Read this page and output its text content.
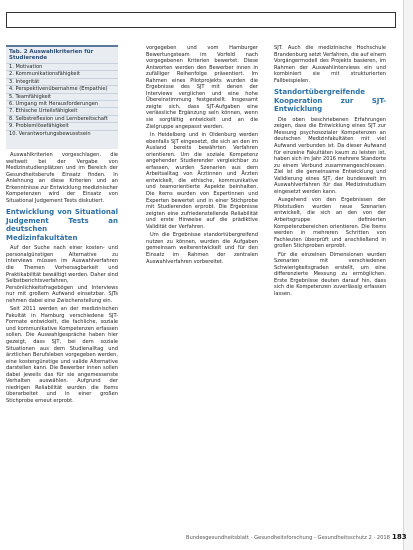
Tab. 2 Auswahlkriterien für Studierende
1. Motivation
2. Kommunikationsfähigkeit
3. Integrität
4. Perspektivenübernahme (Empathie)
5. Teamfähigkeit
6. Umgang mit Herausforderungen
7. Ethische Urteilsfähigkeit
8. Selbstreflexion und Lernbereitschaft
9. Problemlösefähigkeit
10. Verantwortungsbewusstsein

Auswahlkriterien vorgeschlagen, die weltweit bei der Vergabe von Medizinstudienplätzen und im Bereich der Gesundheitsberufe Einsatz finden. In Anlehnung an diese Kriterien und an Erkenntnisse zur Entwicklung medizinischer Kompetenzen wird der Einsatz von Situational Judgement Tests diskutiert.

Entwicklung von Situational Judgement Tests an deutschen Medizinfakultäten

Auf der Suche nach einer kosten- und personalgünstigen Alternative zu Interviews müssen im Auswahlverfahren die Themen Vorhersagbarkeit und Praktikabilität bewältigt werden. Daher sind Selbstberichtsverfahren, Persönlichkeitsfragebögen und Interviews nur mit großem Aufwand einsetzbar. SJTs nehmen dabei eine Zwischenstellung ein.

Seit 2011 werden an der medizinischen Fakultät in Hamburg verschiedene SJT-Formate entwickelt, die fachliche, soziale und kommunikative Kompetenzen erfassen sollen. Die Auswahlgespräche haben hier gezeigt, dass SJT, bei dem soziale Situationen aus dem Studienalltag und ärztlichen Berufsleben vorgegeben werden, eine kostengünstige und valide Alternative darstellen kann. Die Bewerber innen sollen dabei jeweils das für sie angemessenste Verhalten auswählen. Aufgrund der niedrigen Reliabilität wurden die Items überarbeitet und in einer großen Stichprobe erneut erprobt.

vorgegeben und vom Hamburger Bewertungsteam im Vorfeld nach vorgegebenen Kriterien bewertet. Diese Antworten werden den Bewerber innen in zufälliger Reihenfolge präsentiert. Im Rahmen eines Pilotprojekts wurden die Ergebnisse des SJT mit denen der Interviews verglichen und eine hohe Übereinstimmung festgestellt. Insgesamt zeigte sich, dass SJT-Aufgaben eine verlässliche Ergänzung sein können, wenn sie sorgfältig entwickelt und an die Zielgruppe angepasst werden.

In Heidelberg und in Oldenburg werden ebenfalls SJT eingesetzt, die sich an den im Ausland bereits bewährten Verfahren orientieren. Um die soziale Kompetenz angehender Studierender vergleichbar zu erfassen, wurden Szenarien aus dem Arbeitsalltag von Ärztinnen und Ärzten entwickelt, die ethische, kommunikative und teamorientierte Aspekte beinhalten. Die Items wurden von Expertinnen und Experten bewertet und in einer Stichprobe mit Studierenden erprobt. Die Ergebnisse zeigten eine zufriedenstellende Reliabilität und erste Hinweise auf die prädiktive Validität der Verfahren.

Um die Ergebnisse standortübergreifend nutzen zu können, wurden die Aufgaben gemeinsam weiterentwickelt und für den Einsatz im Rahmen der zentralen Auswahlverfahren vorbereitet.

SJT. Auch die medizinische Hochschule Brandenburg setzt Verfahren, die auf einem Vorgängermodell des Projekts basieren, im Rahmen der Auswahlinterviews ein und kombiniert sie mit strukturierten Fallbeispielen.

Standortübergreifende Kooperation zur SJT-Entwicklung

Die oben beschriebenen Erfahrungen zeigen, dass die Entwicklung eines SJT zur Messung psychosozialer Kompetenzen an deutschen Medizinfakultäten mit viel Aufwand verbunden ist. Da dieser Aufwand für einzelne Fakultäten kaum zu leisten ist, haben sich im Jahr 2016 mehrere Standorte zu einem Verbund zusammengeschlossen. Ziel ist die gemeinsame Entwicklung und Validierung eines SJT, der bundesweit im Auswahlverfahren für das Medizinstudium eingesetzt werden kann.

Ausgehend von den Ergebnissen der Pilotstudien wurden neue Szenarien entwickelt, die sich an den von der Arbeitsgruppe definierten Kompetenzbereichen orientieren. Die Items werden in mehreren Schritten von Fachleuten überprüft und anschließend in großen Stichproben erprobt.

Für die einzelnen Dimensionen wurden Szenarien mit verschiedenen Schwierigkeitsgraden erstellt, um eine differenzierte Messung zu ermöglichen. Erste Ergebnisse deuten darauf hin, dass sich die Kompetenzen zuverlässig erfassen lassen.

Bundesgesundheitsblatt - Gesundheitsforschung - Gesundheitsschutz 2 · 2018 183
